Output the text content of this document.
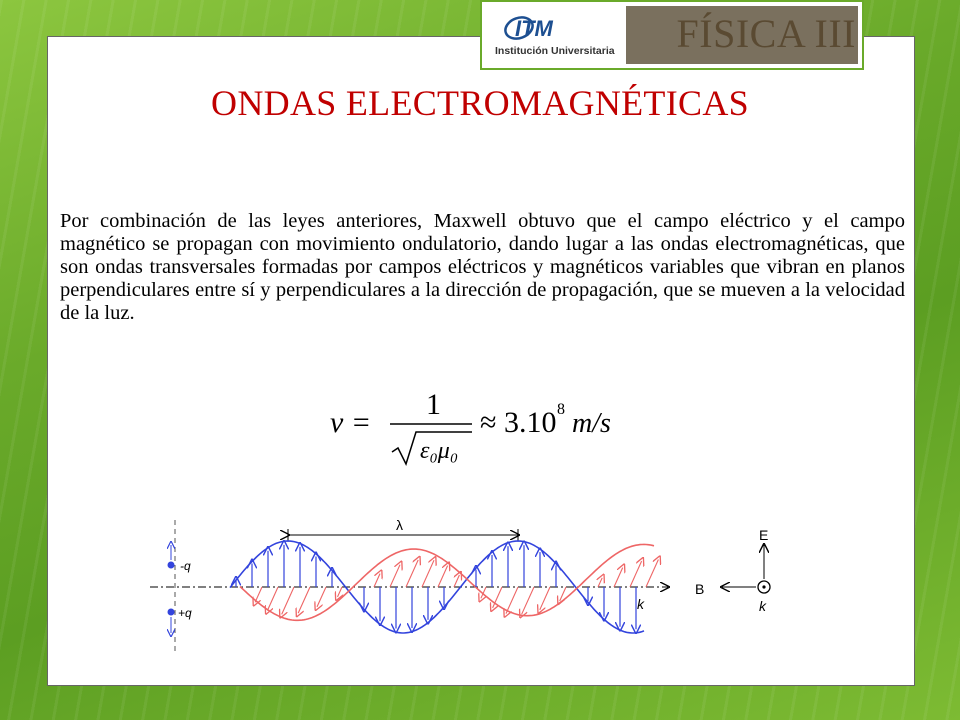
ITM
Institución Universitaria	FÍSICA III
ONDAS ELECTROMAGNÉTICAS
Por combinación de las leyes anteriores, Maxwell obtuvo que el campo eléctrico y el campo magnético se propagan con movimiento ondulatorio, dando lugar a las ondas electromagnéticas, que son ondas transversales formadas por campos eléctricos y magnéticos variables que vibran en planos perpendiculares entre sí y perpendiculares a la dirección de propagación, que se mueven a la velocidad de la luz.
v =
1
ε₀μ₀
≈ 3.10 8 m/s
-q
+q
k
λ
E
B
k
